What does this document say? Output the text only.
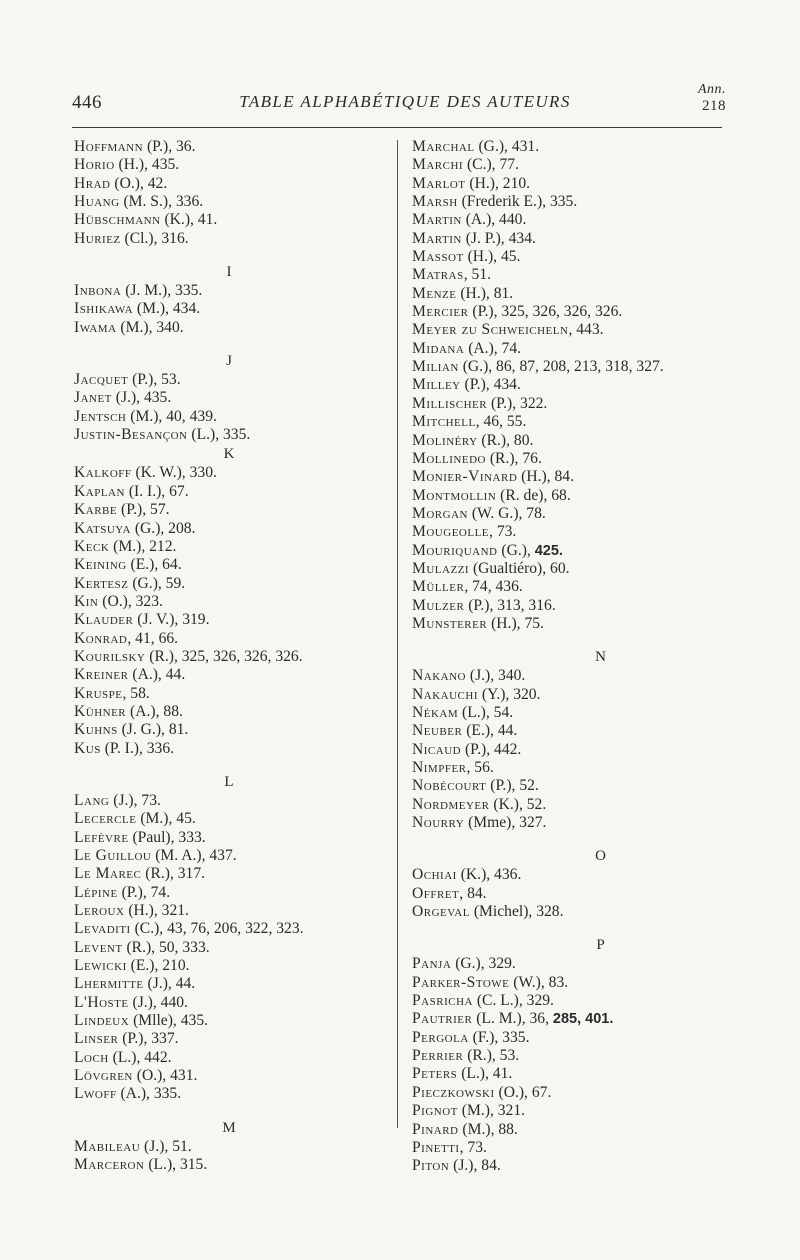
446	TABLE ALPHABÉTIQUE DES AUTEURS
Ann.
218
Hoffmann (P.), 36.
Horio (H.), 435.
Hrad (O.), 42.
Huang (M. S.), 336.
Hübschmann (K.), 41.
Huriez (Cl.), 316.
I
Inbona (J. M.), 335.
Ishikawa (M.), 434.
Iwama (M.), 340.
J
Jacquet (P.), 53.
Janet (J.), 435.
Jentsch (M.), 40, 439.
Justin-Besançon (L.), 335.
K
Kalkoff (K. W.), 330.
Kaplan (I. I.), 67.
Karbe (P.), 57.
Katsuya (G.), 208.
Keck (M.), 212.
Keining (E.), 64.
Kertesz (G.), 59.
Kin (O.), 323.
Klauder (J. V.), 319.
Konrad, 41, 66.
Kourilsky (R.), 325, 326, 326, 326.
Kreiner (A.), 44.
Kruspe, 58.
Kühner (A.), 88.
Kuhns (J. G.), 81.
Kus (P. I.), 336.
L
Lang (J.), 73.
Lecercle (M.), 45.
Lefèvre (Paul), 333.
Le Guillou (M. A.), 437.
Le Marec (R.), 317.
Lépine (P.), 74.
Leroux (H.), 321.
Levaditi (C.), 43, 76, 206, 322, 323.
Levent (R.), 50, 333.
Lewicki (E.), 210.
Lhermitte (J.), 44.
L'Hoste (J.), 440.
Lindeux (Mlle), 435.
Linser (P.), 337.
Loch (L.), 442.
Lövgren (O.), 431.
Lwoff (A.), 335.
M
Mabileau (J.), 51.
Marceron (L.), 315.
Marchal (G.), 431.
Marchi (C.), 77.
Marlot (H.), 210.
Marsh (Frederik E.), 335.
Martin (A.), 440.
Martin (J. P.), 434.
Massot (H.), 45.
Matras, 51.
Menze (H.), 81.
Mercier (P.), 325, 326, 326, 326.
Meyer zu Schweicheln, 443.
Midana (A.), 74.
Milian (G.), 86, 87, 208, 213, 318, 327.
Milley (P.), 434.
Millischer (P.), 322.
Mitchell, 46, 55.
Molinéry (R.), 80.
Mollinedo (R.), 76.
Monier-Vinard (H.), 84.
Montmollin (R. de), 68.
Morgan (W. G.), 78.
Mougeolle, 73.
Mouriquand (G.), 425.
Mulazzi (Gualtiéro), 60.
Müller, 74, 436.
Mulzer (P.), 313, 316.
Munsterer (H.), 75.
N
Nakano (J.), 340.
Nakauchi (Y.), 320.
Nékam (L.), 54.
Neuber (E.), 44.
Nicaud (P.), 442.
Nimpfer, 56.
Nobécourt (P.), 52.
Nordmeyer (K.), 52.
Nourry (Mme), 327.
O
Ochiai (K.), 436.
Offret, 84.
Orgeval (Michel), 328.
P
Panja (G.), 329.
Parker-Stowe (W.), 83.
Pasricha (C. L.), 329.
Pautrier (L. M.), 36, 285, 401.
Pergola (F.), 335.
Perrier (R.), 53.
Peters (L.), 41.
Pieczkowski (O.), 67.
Pignot (M.), 321.
Pinard (M.), 88.
Pinetti, 73.
Piton (J.), 84.
